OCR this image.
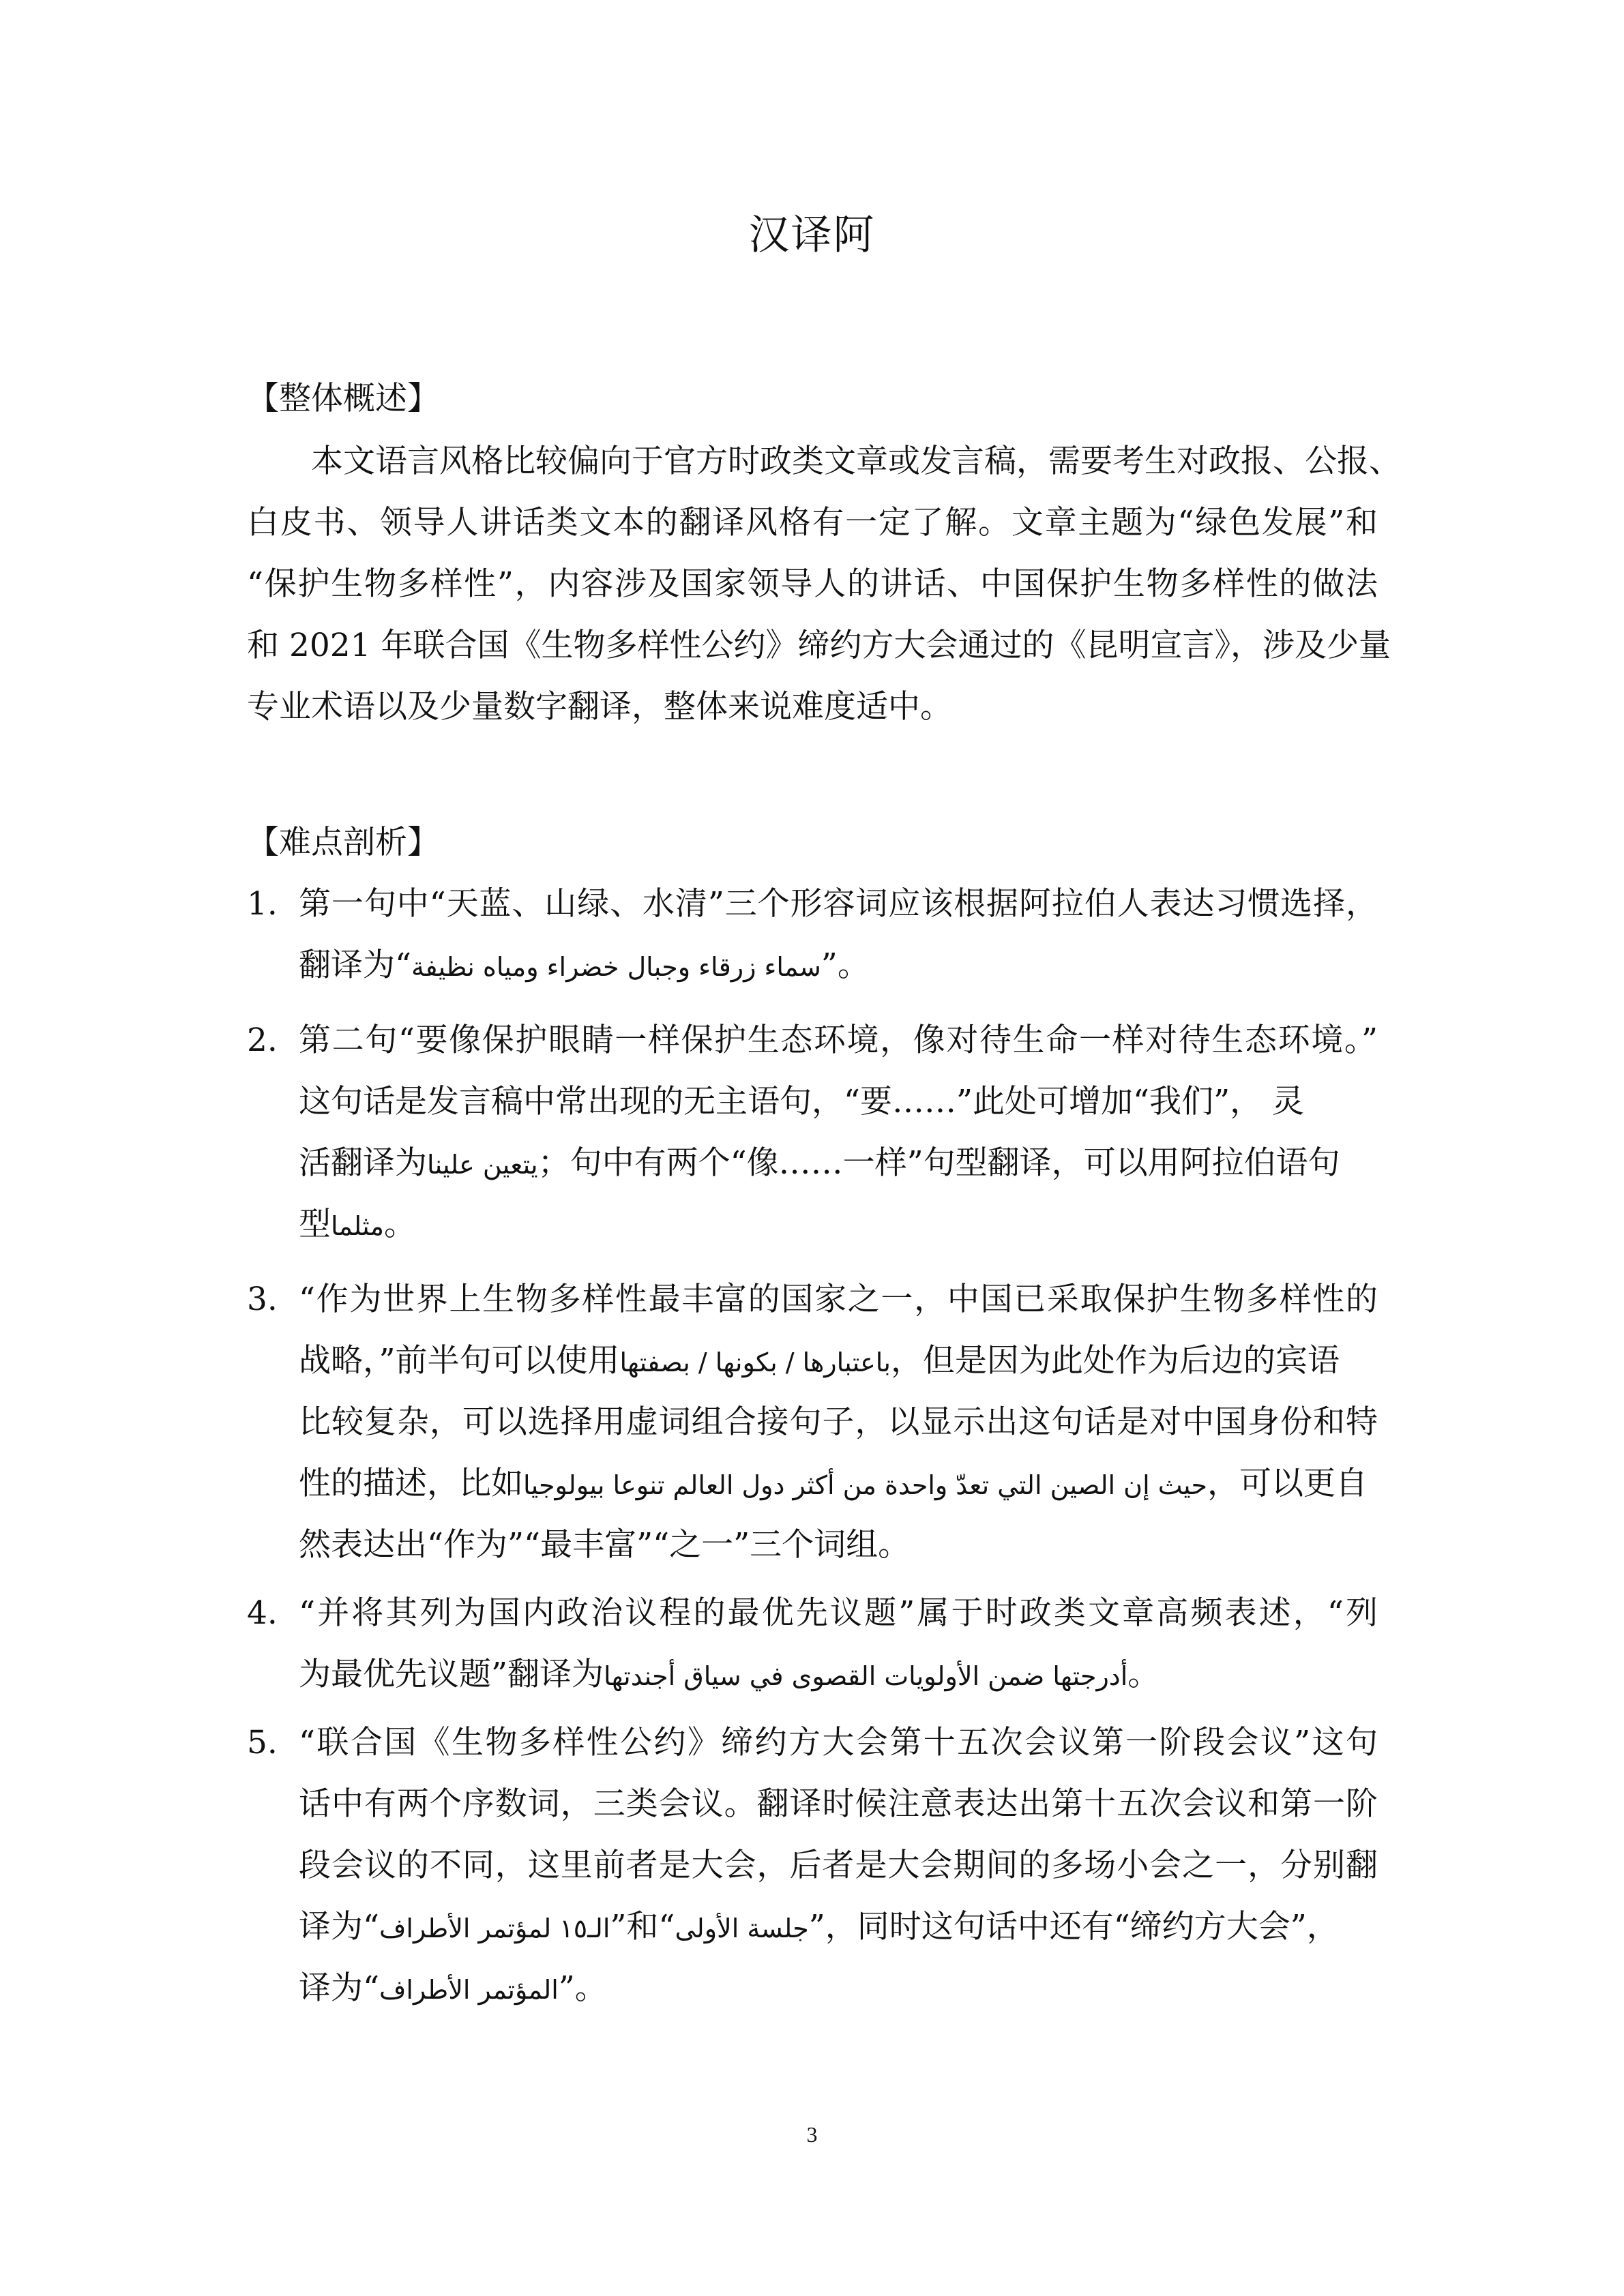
汉译阿
【整体概述】
本文语言风格比较偏向于官方时政类文章或发言稿，需要考生对政报、公报、
白皮书、领导人讲话类文本的翻译风格有一定了解。文章主题为“绿色发展”和
“保护生物多样性”，内容涉及国家领导人的讲话、中国保护生物多样性的做法
和 2021 年联合国《生物多样性公约》缔约方大会通过的《昆明宣言》，涉及少量
专业术语以及少量数字翻译，整体来说难度适中。
【难点剖析】
1. 第一句中“天蓝、山绿、水清”三个形容词应该根据阿拉伯人表达习惯选择，
翻译为“سماء زرقاء وجبال خضراء ومياه نظيفة”。
2. 第二句“要像保护眼睛一样保护生态环境，像对待生命一样对待生态环境。”
这句话是发言稿中常出现的无主语句，“要……”此处可增加“我们”， 灵
活翻译为يتعين علينا；句中有两个“像……一样”句型翻译，可以用阿拉伯语句
型مثلما。
3. “作为世界上生物多样性最丰富的国家之一，中国已采取保护生物多样性的
战略，”前半句可以使用باعتبارها / بكونها / بصفتها，但是因为此处作为后边的宾语
比较复杂，可以选择用虚词组合接句子，以显示出这句话是对中国身份和特
性的描述，比如حيث إن الصين التي تعدّ واحدة من أكثر دول العالم تنوعا بيولوجيا，可以更自
然表达出“作为”“最丰富”“之一”三个词组。
4. “并将其列为国内政治议程的最优先议题”属于时政类文章高频表述，“列
为最优先议题”翻译为أدرجتها ضمن الأولويات القصوى في سياق أجندتها。
5. “联合国《生物多样性公约》缔约方大会第十五次会议第一阶段会议”这句
话中有两个序数词，三类会议。翻译时候注意表达出第十五次会议和第一阶
段会议的不同，这里前者是大会，后者是大会期间的多场小会之一，分别翻
译为“الـ١٥ لمؤتمر الأطراف”和“جلسة الأولى”，同时这句话中还有“缔约方大会”，
译为“المؤتمر الأطراف”。
3
